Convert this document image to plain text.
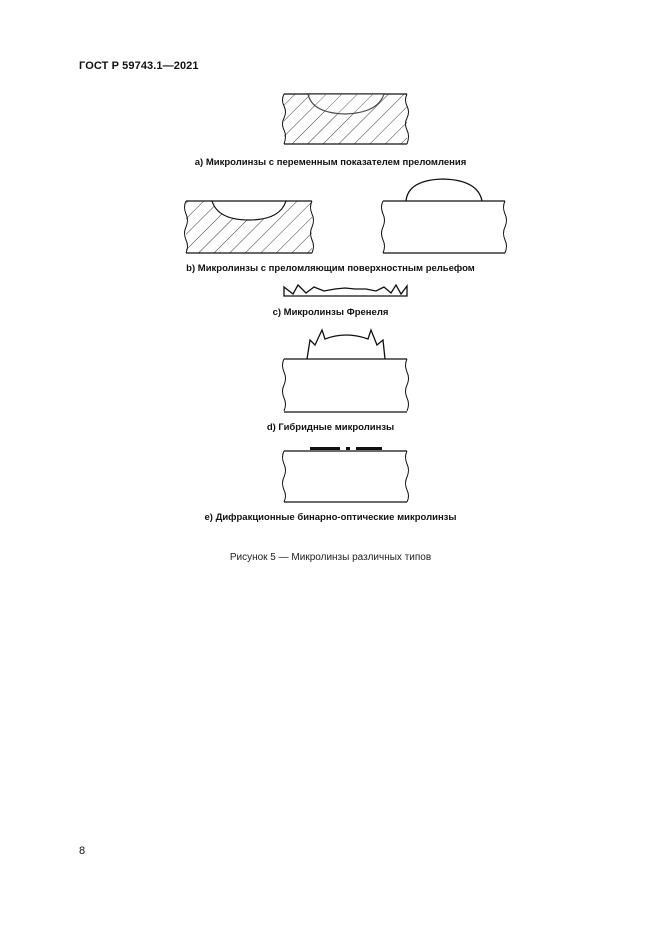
ГОСТ Р 59743.1—2021
а) Микролинзы с переменным показателем преломления
b) Микролинзы с преломляющим поверхностным рельефом
с) Микролинзы Френеля
d) Гибридные микролинзы
е) Дифракционные бинарно-оптические микролинзы
Рисунок 5 — Микролинзы различных типов
8
